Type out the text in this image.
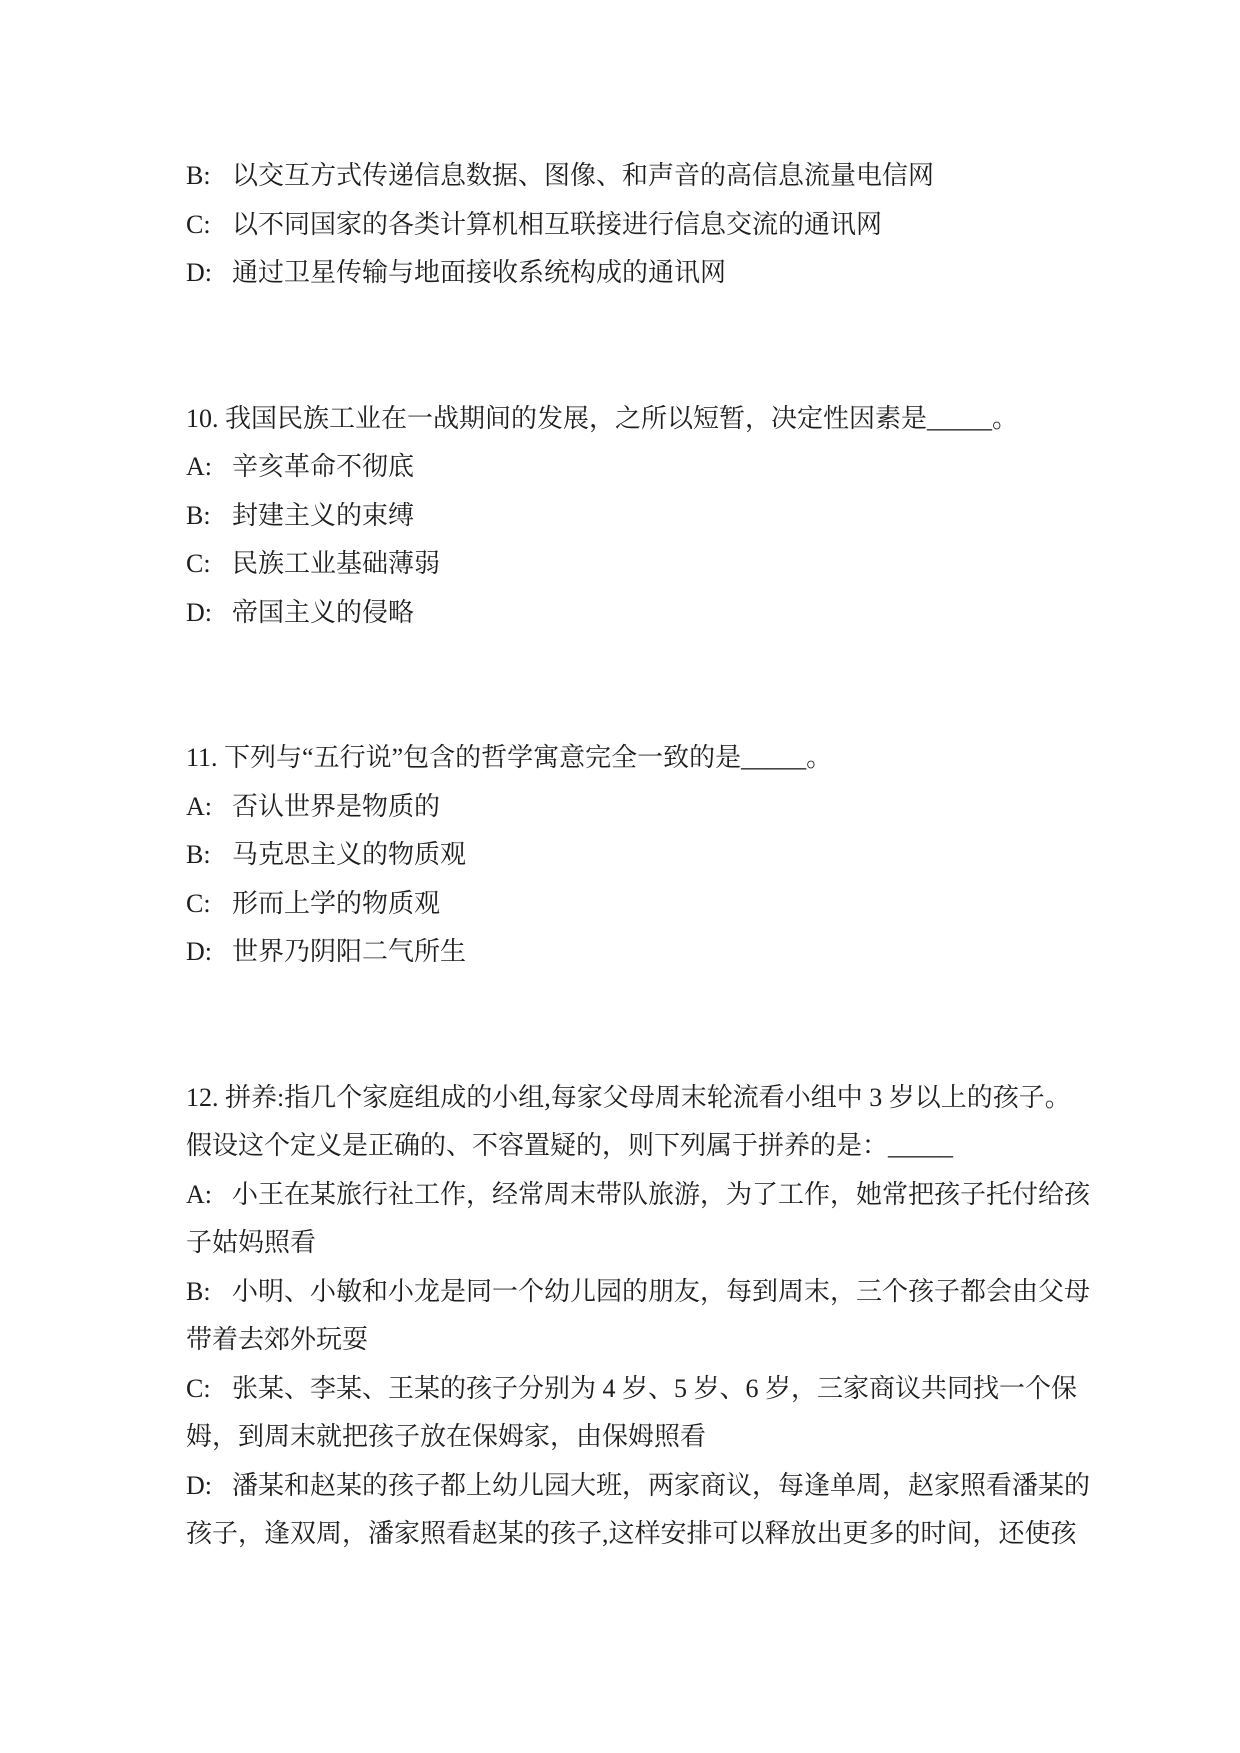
B: 以交互方式传递信息数据、图像、和声音的高信息流量电信网
C: 以不同国家的各类计算机相互联接进行信息交流的通讯网
D: 通过卫星传输与地面接收系统构成的通讯网
10. 我国民族工业在一战期间的发展，之所以短暂，决定性因素是_____。
A: 辛亥革命不彻底
B: 封建主义的束缚
C: 民族工业基础薄弱
D: 帝国主义的侵略
11. 下列与“五行说”包含的哲学寓意完全一致的是_____。
A: 否认世界是物质的
B: 马克思主义的物质观
C: 形而上学的物质观
D: 世界乃阴阳二气所生
12. 拼养:指几个家庭组成的小组,每家父母周末轮流看小组中 3 岁以上的孩子。
假设这个定义是正确的、不容置疑的，则下列属于拼养的是：_____
A: 小王在某旅行社工作，经常周末带队旅游，为了工作，她常把孩子托付给孩
子姑妈照看
B: 小明、小敏和小龙是同一个幼儿园的朋友，每到周末，三个孩子都会由父母
带着去郊外玩耍
C: 张某、李某、王某的孩子分别为 4 岁、5 岁、6 岁，三家商议共同找一个保
姆，到周末就把孩子放在保姆家，由保姆照看
D: 潘某和赵某的孩子都上幼儿园大班，两家商议，每逢单周，赵家照看潘某的
孩子，逢双周，潘家照看赵某的孩子,这样安排可以释放出更多的时间，还使孩
